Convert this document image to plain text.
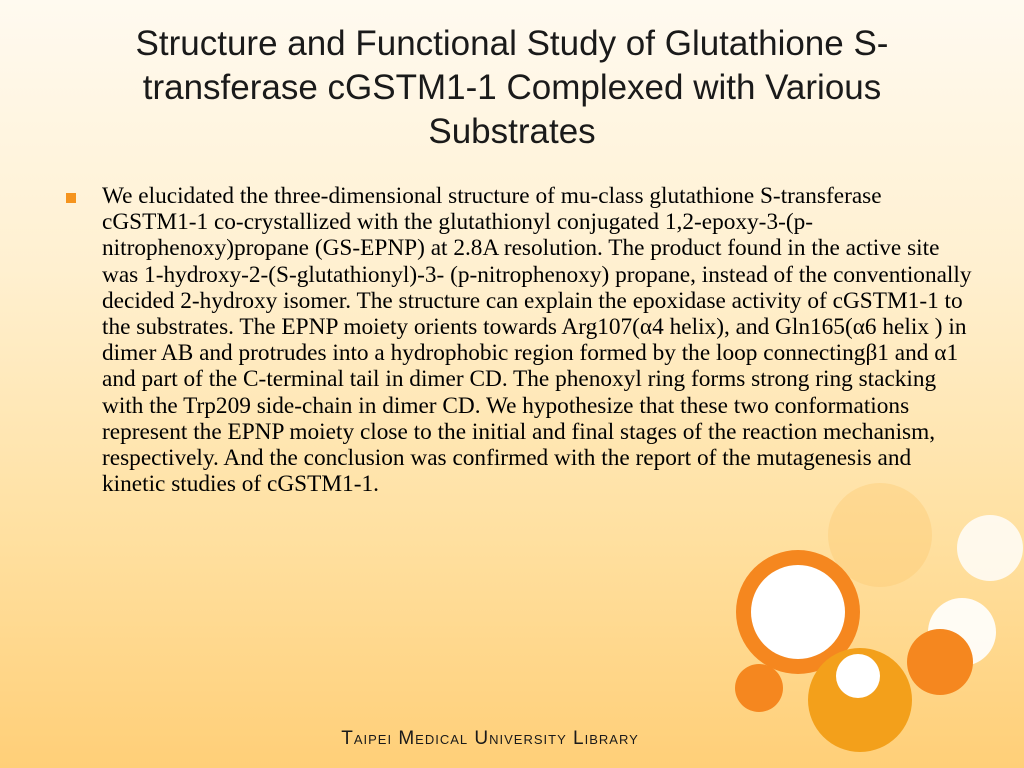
Structure and Functional Study of Glutathione S-transferase cGSTM1-1 Complexed with Various Substrates
We elucidated the three-dimensional structure of mu-class glutathione S-transferase cGSTM1-1 co-crystallized with the glutathionyl conjugated 1,2-epoxy-3-(p-nitrophenoxy)propane (GS-EPNP) at 2.8A resolution. The product found in the active site was 1-hydroxy-2-(S-glutathionyl)-3- (p-nitrophenoxy) propane, instead of the conventionally decided 2-hydroxy isomer. The structure can explain the epoxidase activity of cGSTM1-1 to the substrates. The EPNP moiety orients towards Arg107(α4 helix), and Gln165(α6 helix ) in dimer AB and protrudes into a hydrophobic region formed by the loop connectingβ1 and α1 and part of the C-terminal tail in dimer CD. The phenoxyl ring forms strong ring stacking with the Trp209 side-chain in dimer CD. We hypothesize that these two conformations represent the EPNP moiety close to the initial and final stages of the reaction mechanism, respectively. And the conclusion was confirmed with the report of the mutagenesis and kinetic studies of cGSTM1-1.
Taipei Medical University Library
